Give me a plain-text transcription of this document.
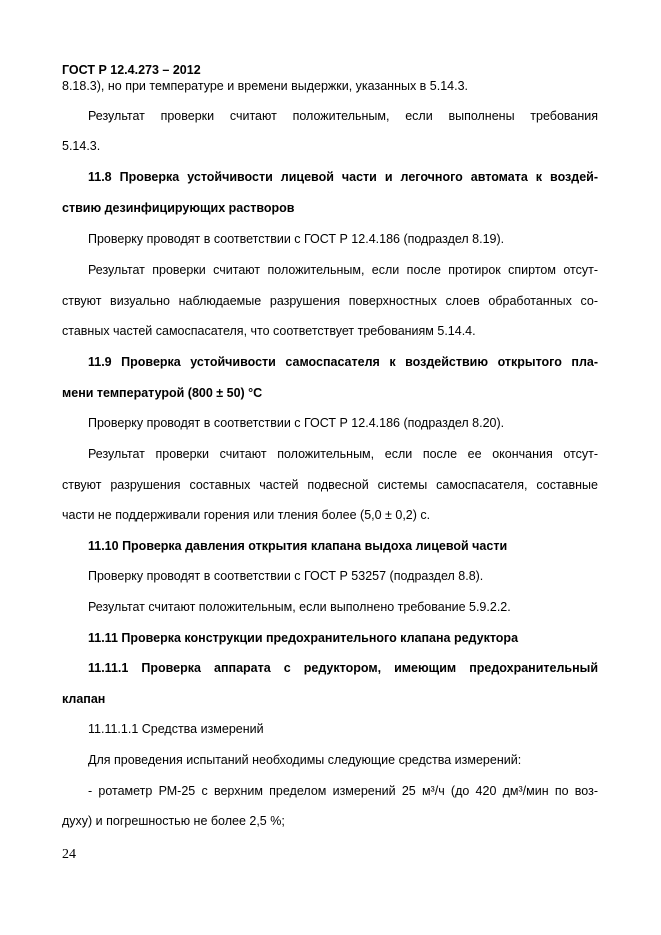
ГОСТ Р 12.4.273 – 2012
8.18.3), но при температуре и времени выдержки, указанных в 5.14.3.
Результат проверки считают положительным, если выполнены требования
5.14.3.
11.8 Проверка устойчивости лицевой части и легочного автомата к воздей-
ствию дезинфицирующих растворов
Проверку проводят в соответствии с ГОСТ Р 12.4.186 (подраздел 8.19).
Результат проверки считают положительным, если после протирок спиртом отсут-
ствуют визуально наблюдаемые разрушения поверхностных слоев обработанных со-
ставных частей самоспасателя, что соответствует требованиям 5.14.4.
11.9 Проверка устойчивости самоспасателя к воздействию открытого пла-
мени температурой (800 ± 50) °С
Проверку проводят в соответствии с ГОСТ Р 12.4.186 (подраздел 8.20).
Результат проверки считают положительным, если после ее окончания отсут-
ствуют разрушения составных частей подвесной системы самоспасателя, составные
части не поддерживали горения или тления более (5,0 ± 0,2) с.
11.10 Проверка давления открытия клапана выдоха лицевой части
Проверку проводят в соответствии с ГОСТ Р 53257 (подраздел 8.8).
Результат считают положительным, если выполнено требование 5.9.2.2.
11.11 Проверка конструкции предохранительного клапана редуктора
11.11.1 Проверка аппарата с редуктором, имеющим предохранительный
клапан
11.11.1.1 Средства измерений
Для проведения испытаний необходимы следующие средства измерений:
- ротаметр РМ-25 с верхним пределом измерений 25 м³/ч (до 420 дм³/мин по воз-
духу) и погрешностью не более 2,5 %;
24
